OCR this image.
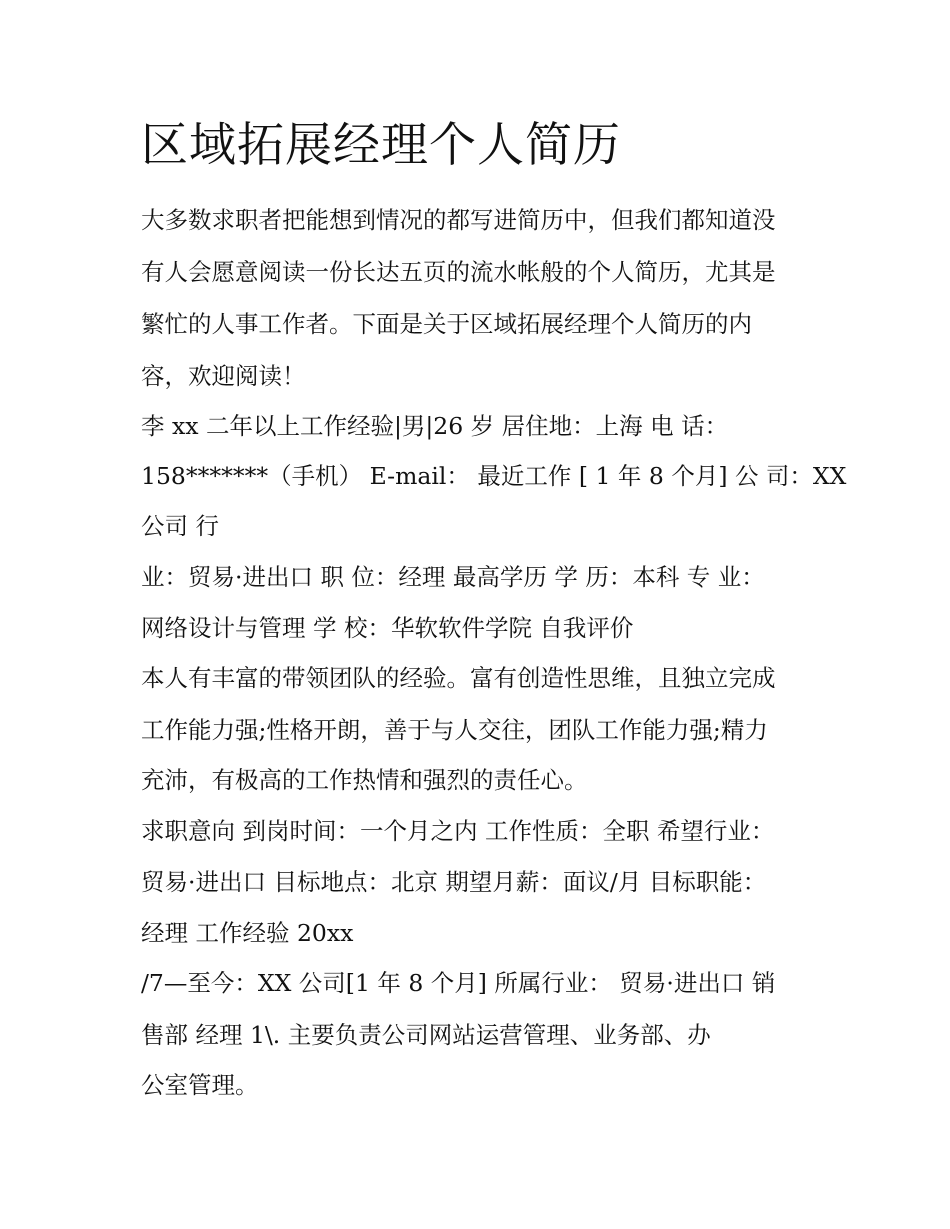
区域拓展经理个人简历
大多数求职者把能想到情况的都写进简历中，但我们都知道没
有人会愿意阅读一份长达五页的流水帐般的个人简历，尤其是
繁忙的人事工作者。下面是关于区域拓展经理个人简历的内
容，欢迎阅读！
李 xx 二年以上工作经验|男|26 岁 居住地：上海 电 话：
158*******（手机） E-mail： 最近工作 [ 1 年 8 个月] 公 司：XX
公司 行
业：贸易·进出口 职 位：经理 最高学历 学 历：本科 专 业：
网络设计与管理 学 校：华软软件学院 自我评价
本人有丰富的带领团队的经验。富有创造性思维，且独立完成
工作能力强;性格开朗，善于与人交往，团队工作能力强;精力
充沛，有极高的工作热情和强烈的责任心。
求职意向 到岗时间：一个月之内 工作性质：全职 希望行业：
贸易·进出口 目标地点：北京 期望月薪：面议/月 目标职能：
经理 工作经验 20xx
/7—至今：XX 公司[1 年 8 个月] 所属行业： 贸易·进出口 销
售部 经理 1\. 主要负责公司网站运营管理、业务部、办
公室管理。
